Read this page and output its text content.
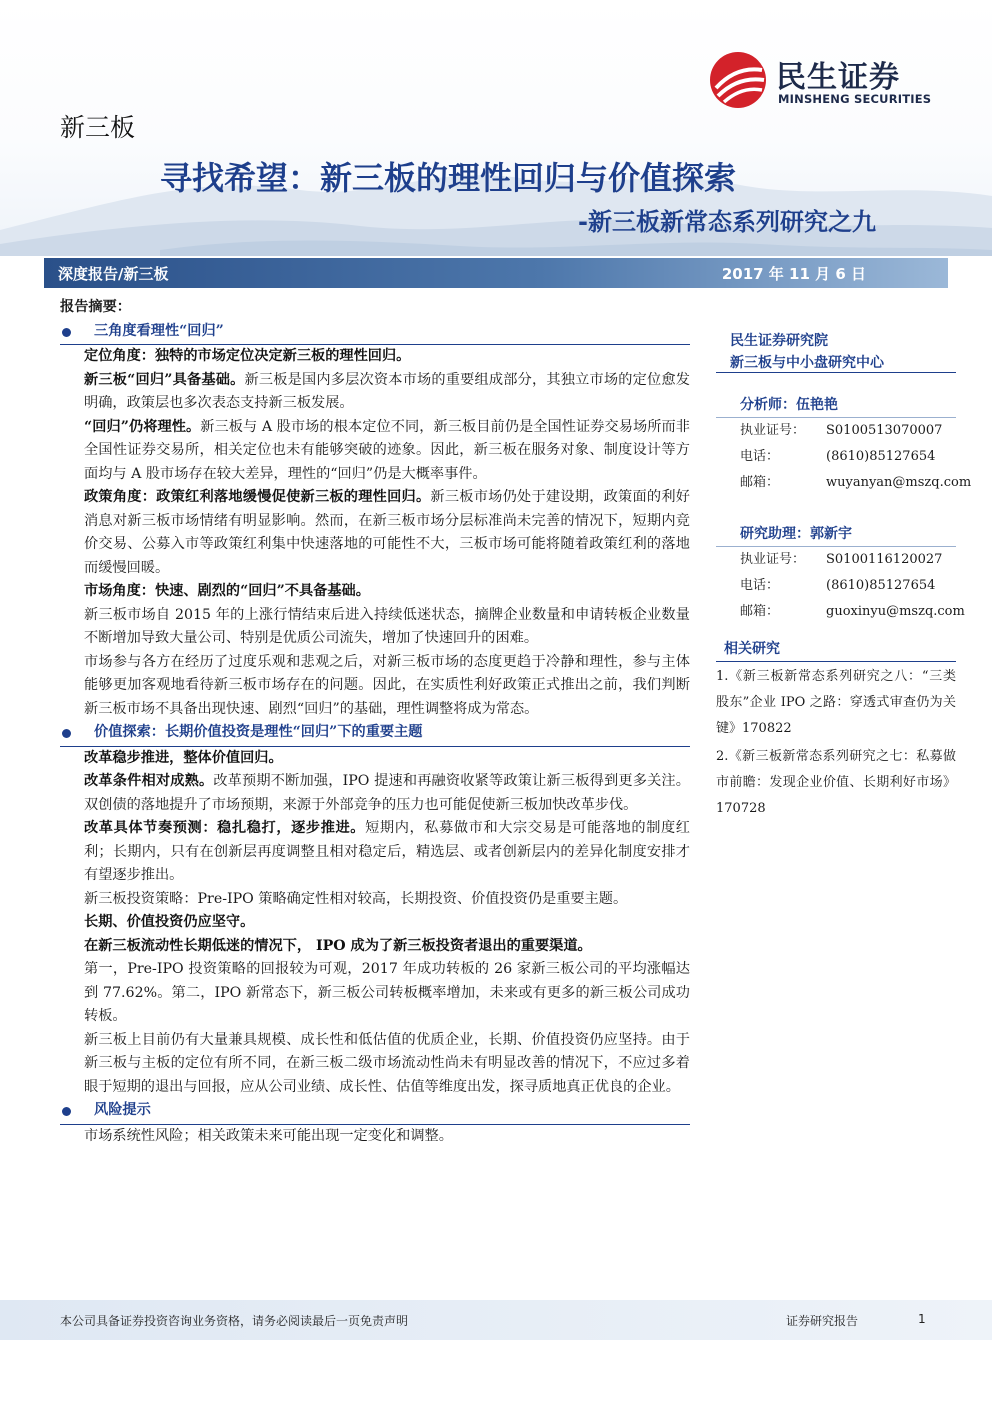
民生证券
MINSHENG SECURITIES
新三板
寻找希望：新三板的理性回归与价值探索
-新三板新常态系列研究之九
深度报告/新三板	2017 年 11 月 6 日

报告摘要：

三角度看理性“回归”

定位角度：独特的市场定位决定新三板的理性回归。

新三板“回归”具备基础。新三板是国内多层次资本市场的重要组成部分，其独立市场的定位愈发明确，政策层也多次表态支持新三板发展。

“回归”仍将理性。新三板与 A 股市场的根本定位不同，新三板目前仍是全国性证券交易场所而非全国性证券交易所，相关定位也未有能够突破的迹象。因此，新三板在服务对象、制度设计等方面均与 A 股市场存在较大差异，理性的“回归”仍是大概率事件。

政策角度：政策红利落地缓慢促使新三板的理性回归。新三板市场仍处于建设期，政策面的利好消息对新三板市场情绪有明显影响。然而，在新三板市场分层标准尚未完善的情况下，短期内竞价交易、公募入市等政策红利集中快速落地的可能性不大，三板市场可能将随着政策红利的落地而缓慢回暖。

市场角度：快速、剧烈的“回归”不具备基础。

新三板市场自 2015 年的上涨行情结束后进入持续低迷状态，摘牌企业数量和申请转板企业数量不断增加导致大量公司、特别是优质公司流失，增加了快速回升的困难。

市场参与各方在经历了过度乐观和悲观之后，对新三板市场的态度更趋于冷静和理性，参与主体能够更加客观地看待新三板市场存在的问题。因此，在实质性利好政策正式推出之前，我们判断新三板市场不具备出现快速、剧烈“回归”的基础，理性调整将成为常态。

价值探索：长期价值投资是理性“回归”下的重要主题

改革稳步推进，整体价值回归。

改革条件相对成熟。改革预期不断加强，IPO 提速和再融资收紧等政策让新三板得到更多关注。双创债的落地提升了市场预期，来源于外部竞争的压力也可能促使新三板加快改革步伐。

改革具体节奏预测：稳扎稳打，逐步推进。短期内，私募做市和大宗交易是可能落地的制度红利；长期内，只有在创新层再度调整且相对稳定后，精选层、或者创新层内的差异化制度安排才有望逐步推出。

新三板投资策略：Pre-IPO 策略确定性相对较高，长期投资、价值投资仍是重要主题。

长期、价值投资仍应坚守。

在新三板流动性长期低迷的情况下， IPO 成为了新三板投资者退出的重要渠道。

第一，Pre-IPO 投资策略的回报较为可观，2017 年成功转板的 26 家新三板公司的平均涨幅达到 77.62%。第二，IPO 新常态下，新三板公司转板概率增加，未来或有更多的新三板公司成功转板。

新三板上目前仍有大量兼具规模、成长性和低估值的优质企业，长期、价值投资仍应坚持。由于新三板与主板的定位有所不同，在新三板二级市场流动性尚未有明显改善的情况下，不应过多着眼于短期的退出与回报，应从公司业绩、成长性、估值等维度出发，探寻质地真正优良的企业。

风险提示

市场系统性风险；相关政策未来可能出现一定变化和调整。

民生证券研究院
新三板与中小盘研究中心
分析师：伍艳艳
执业证号： S0100513070007
电话：	(8610)85127654
邮箱：	wuyanyan@mszq.com
研究助理：郭新宇
执业证号： S0100116120027
电话：	(8610)85127654
邮箱：	guoxinyu@mszq.com
相关研究
1.《新三板新常态系列研究之八：“三类股东”企业 IPO 之路：穿透式审查仍为关键》170822
2.《新三板新常态系列研究之七：私募做市前瞻：发现企业价值、长期利好市场》170728
本公司具备证券投资咨询业务资格，请务必阅读最后一页免责声明	证券研究报告	1
